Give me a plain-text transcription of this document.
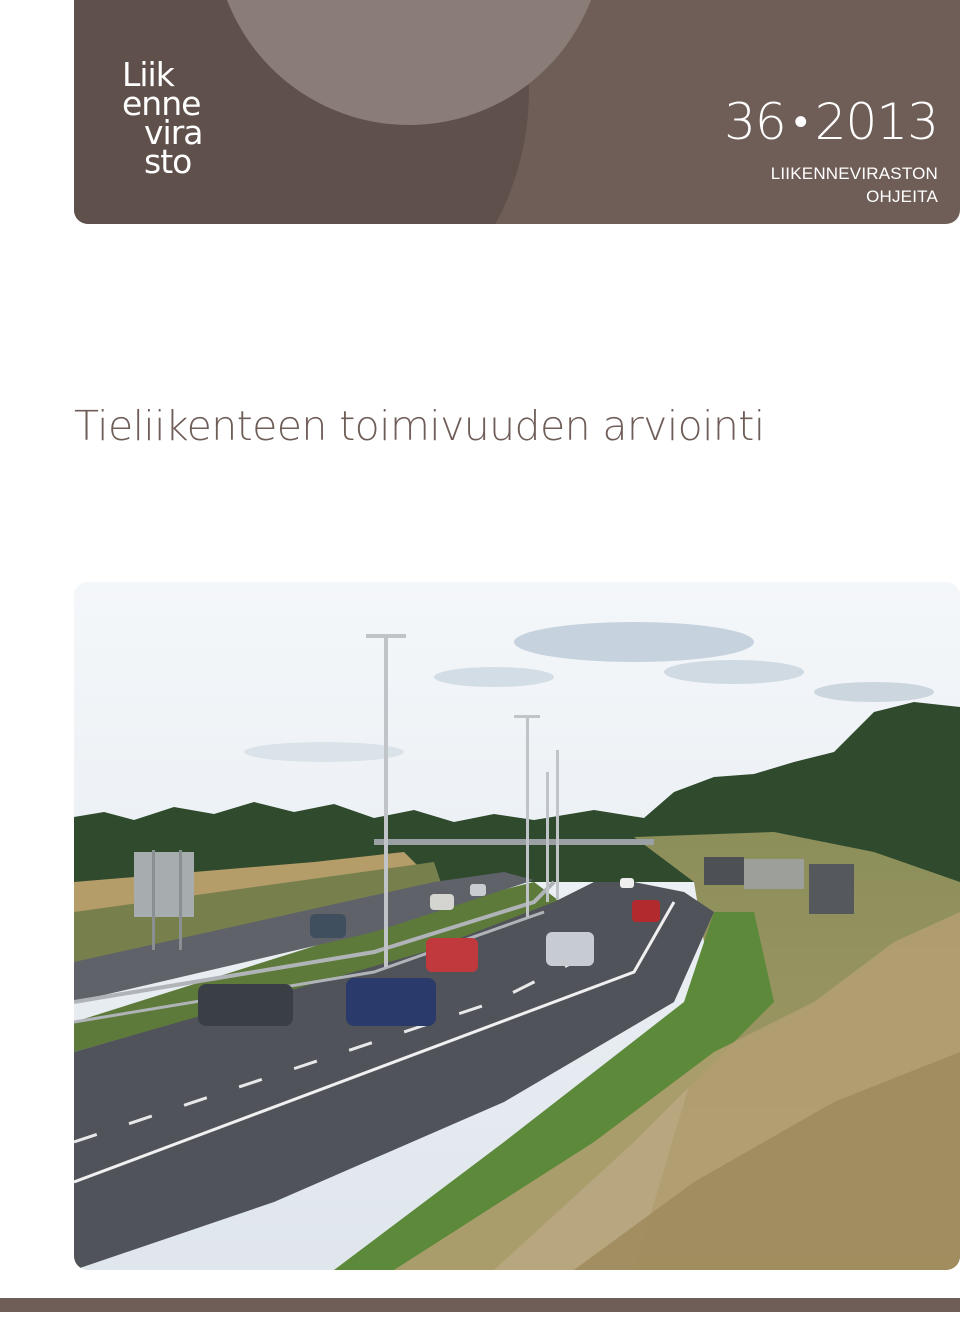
Liik
enne
vira
sto
36 • 2013
LIIKENNEVIRASTON
OHJEITA
Tieliikenteen toimivuuden arviointi
